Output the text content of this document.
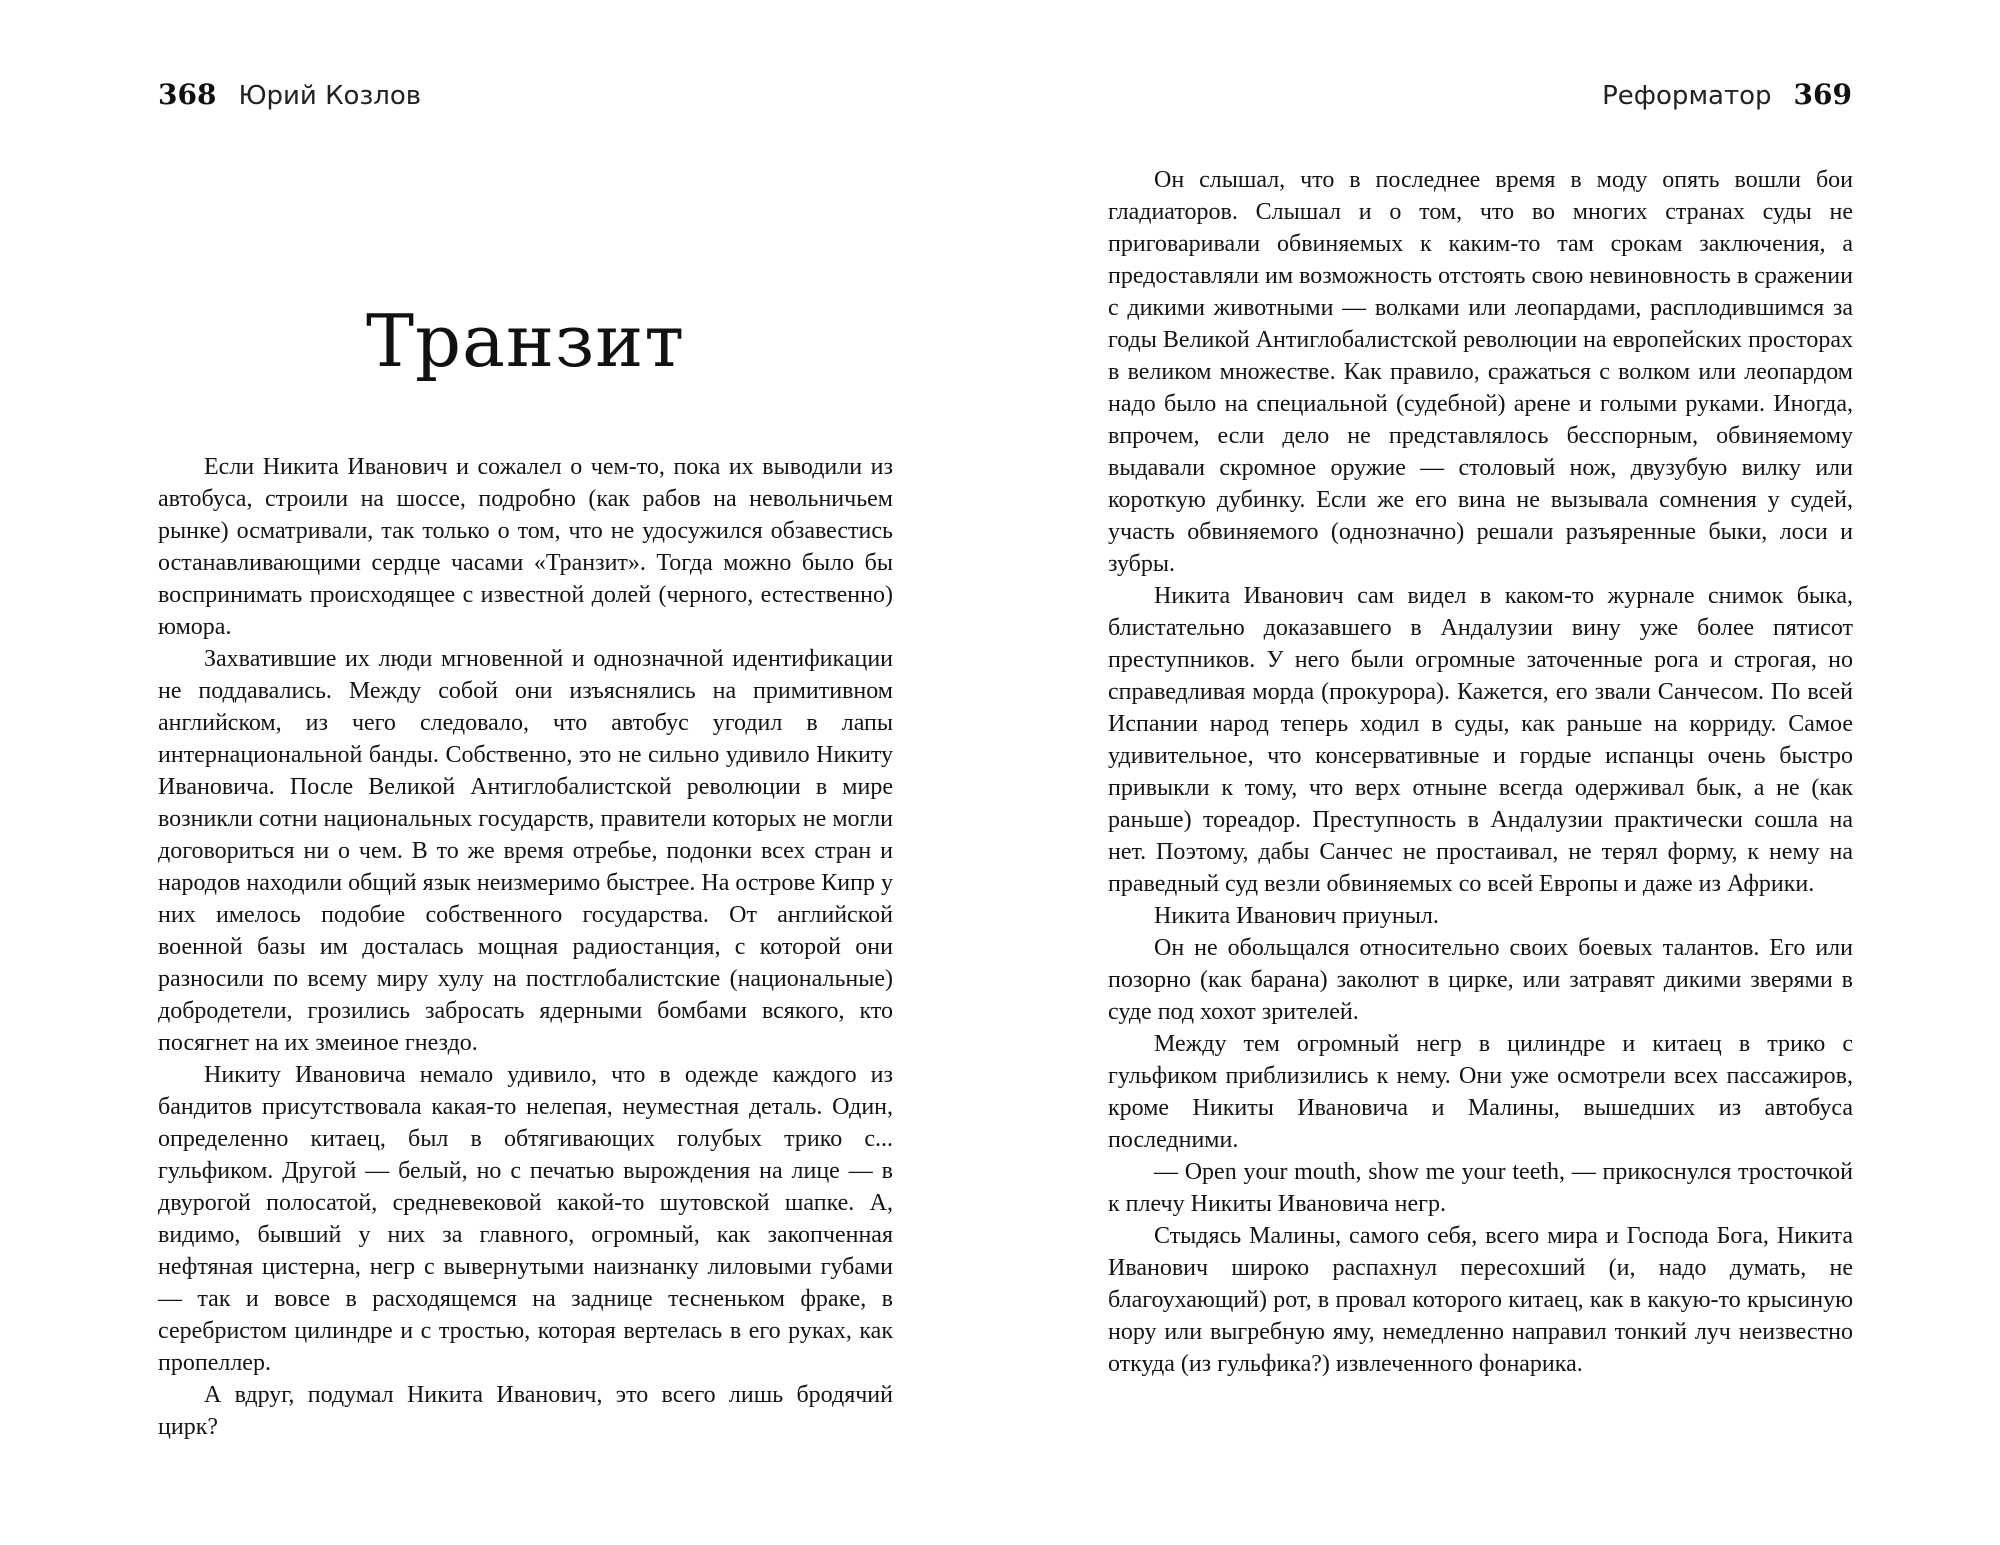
368 Юрий Козлов
Транзит

Если Никита Иванович и сожалел о чем-то, пока их выводили из автобуса, строили на шоссе, подробно (как рабов на невольничьем рынке) осматривали, так только о том, что не удосужился обзавестись останавливающими сердце часами «Транзит». Тогда можно было бы воспринимать происходящее с известной долей (черного, естественно) юмора.

Захватившие их люди мгновенной и однозначной идентификации не поддавались. Между собой они изъяснялись на примитивном английском, из чего следовало, что автобус угодил в лапы интернациональной банды. Собственно, это не сильно удивило Никиту Ивановича. После Великой Антиглобалистской революции в мире возникли сотни национальных государств, правители которых не могли договориться ни о чем. В то же время отребье, подонки всех стран и народов находили общий язык неизмеримо быстрее. На острове Кипр у них имелось подобие собственного государства. От английской военной базы им досталась мощная радиостанция, с которой они разносили по всему миру хулу на постглобалистские (национальные) добродетели, грозились забросать ядерными бомбами всякого, кто посягнет на их змеиное гнездо.

Никиту Ивановича немало удивило, что в одежде каждого из бандитов присутствовала какая-то нелепая, неуместная деталь. Один, определенно китаец, был в обтягивающих голубых трико с... гульфиком. Другой — белый, но с печатью вырождения на лице — в двурогой полосатой, средневековой какой-то шутовской шапке. А, видимо, бывший у них за главного, огромный, как закопченная нефтяная цистерна, негр с вывернутыми наизнанку лиловыми губами — так и вовсе в расходящемся на заднице тесненьком фраке, в серебристом цилиндре и с тростью, которая вертелась в его руках, как пропеллер.

А вдруг, подумал Никита Иванович, это всего лишь бродячий цирк?

Реформатор 369

Он слышал, что в последнее время в моду опять вошли бои гладиаторов. Слышал и о том, что во многих странах суды не приговаривали обвиняемых к каким-то там срокам заключения, а предоставляли им возможность отстоять свою невиновность в сражении с дикими животными — волками или леопардами, расплодившимся за годы Великой Антиглобалистской революции на европейских просторах в великом множестве. Как правило, сражаться с волком или леопардом надо было на специальной (судебной) арене и голыми руками. Иногда, впрочем, если дело не представлялось бесспорным, обвиняемому выдавали скромное оружие — столовый нож, двузубую вилку или короткую дубинку. Если же его вина не вызывала сомнения у судей, участь обвиняемого (однозначно) решали разъяренные быки, лоси и зубры.

Никита Иванович сам видел в каком-то журнале снимок быка, блистательно доказавшего в Андалузии вину уже более пятисот преступников. У него были огромные заточенные рога и строгая, но справедливая морда (прокурора). Кажется, его звали Санчесом. По всей Испании народ теперь ходил в суды, как раньше на корриду. Самое удивительное, что консервативные и гордые испанцы очень быстро привыкли к тому, что верх отныне всегда одерживал бык, а не (как раньше) тореадор. Преступность в Андалузии практически сошла на нет. Поэтому, дабы Санчес не простаивал, не терял форму, к нему на праведный суд везли обвиняемых со всей Европы и даже из Африки.

Никита Иванович приуныл.

Он не обольщался относительно своих боевых талантов. Его или позорно (как барана) заколют в цирке, или затравят дикими зверями в суде под хохот зрителей.

Между тем огромный негр в цилиндре и китаец в трико с гульфиком приблизились к нему. Они уже осмотрели всех пассажиров, кроме Никиты Ивановича и Малины, вышедших из автобуса последними.

— Open your mouth, show me your teeth, — прикоснулся тросточкой к плечу Никиты Ивановича негр.

Стыдясь Малины, самого себя, всего мира и Господа Бога, Никита Иванович широко распахнул пересохший (и, надо думать, не благоухающий) рот, в провал которого китаец, как в какую-то крысиную нору или выгребную яму, немедленно направил тонкий луч неизвестно откуда (из гульфика?) извлеченного фонарика.
